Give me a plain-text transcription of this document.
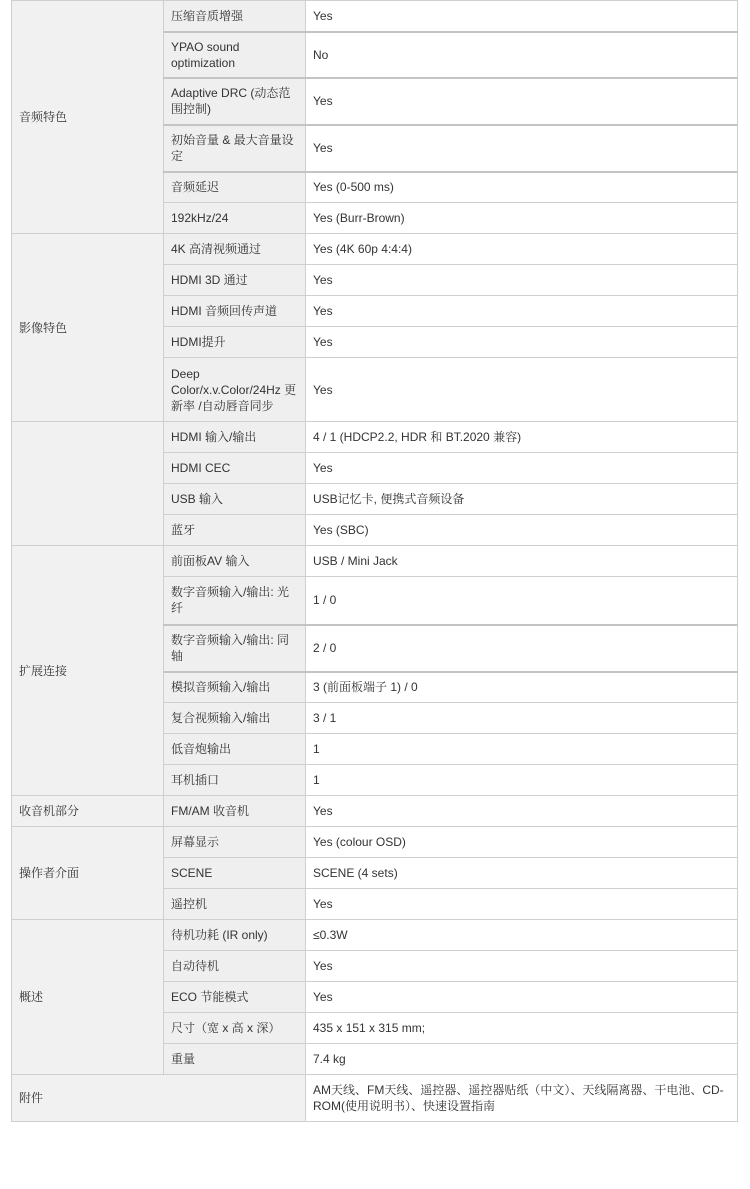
音频特色	压缩音质增强	Yes
	YPAO sound optimization	No
	Adaptive DRC (动态范围控制)	Yes
	初始音量 & 最大音量设定	Yes
	音频延迟	Yes (0-500 ms)
	192kHz/24	Yes (Burr-Brown)
影像特色	4K 高清视频通过	Yes (4K 60p 4:4:4)
	HDMI 3D 通过	Yes
	HDMI 音频回传声道	Yes
	HDMI提升	Yes
	Deep Color/x.v.Color/24Hz 更新率 /自动唇音同步	Yes
	HDMI 输入/输出	4 / 1 (HDCP2.2, HDR 和 BT.2020 兼容)
	HDMI CEC	Yes
	USB 输入	USB记忆卡, 便携式音频设备
	蓝牙	Yes (SBC)
扩展连接	前面板AV 输入	USB / Mini Jack
	数字音频输入/输出: 光纤	1 / 0
	数字音频输入/输出: 同轴	2 / 0
	模拟音频输入/输出	3 (前面板端子 1) / 0
	复合视频输入/输出	3 / 1
	低音炮输出	1
	耳机插口	1
收音机部分	FM/AM 收音机	Yes
操作者介面	屏幕显示	Yes (colour OSD)
	SCENE	SCENE (4 sets)
	遥控机	Yes
概述	待机功耗 (IR only)	≤0.3W
	自动待机	Yes
	ECO 节能模式	Yes
	尺寸（宽 x 高 x 深）	435 x 151 x 315 mm;
	重量	7.4 kg
附件		AM天线、FM天线、遥控器、遥控器贴纸（中文）、天线隔离器、干电池、CD-ROM(使用说明书）、快速设置指南
